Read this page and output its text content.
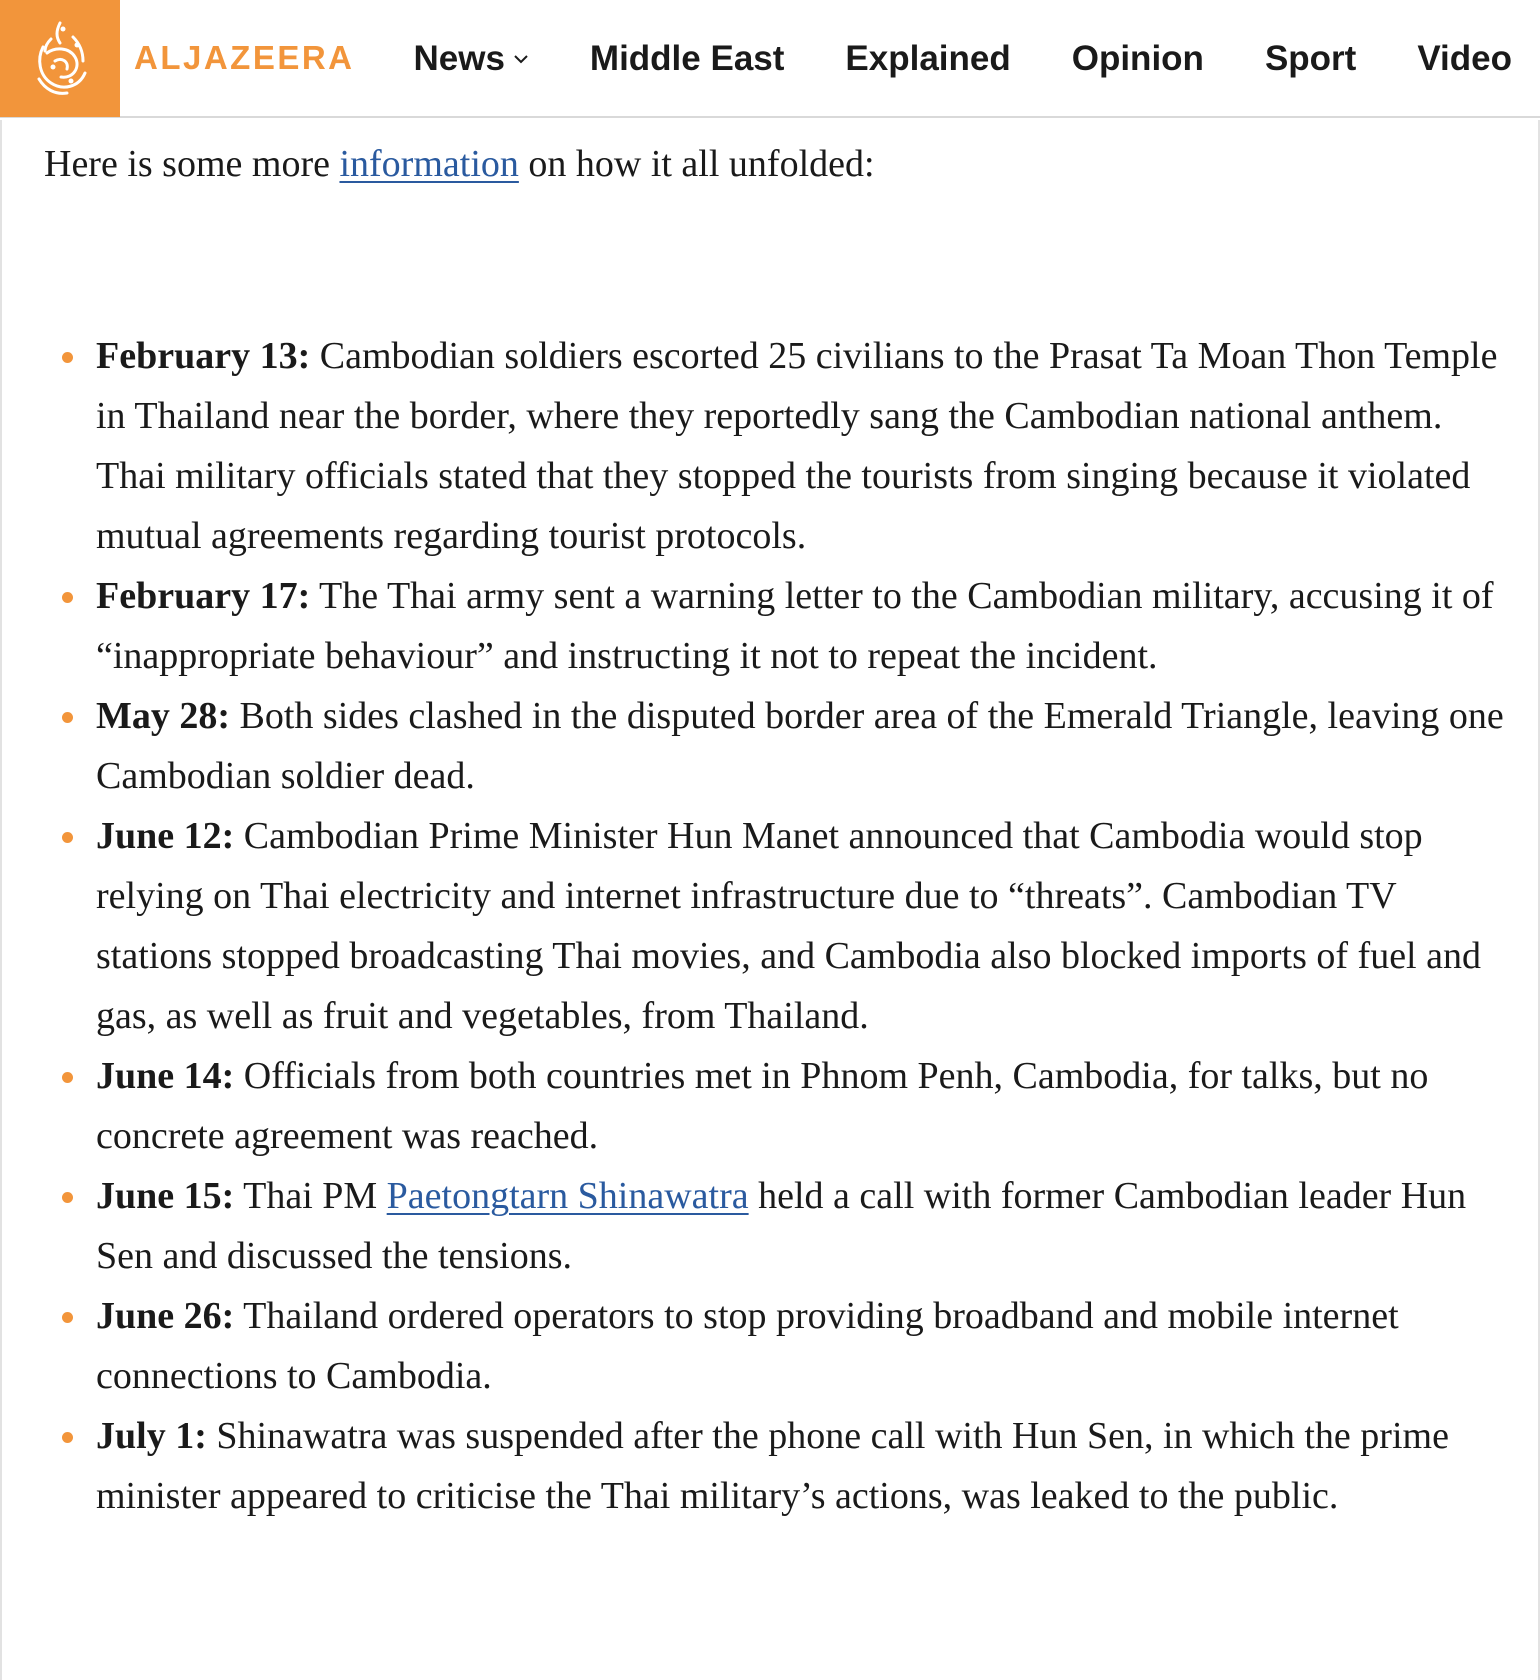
ALJAZEERA News Middle East Explained Opinion Sport Video

Here is some more information on how it all unfolded:

February 13: Cambodian soldiers escorted 25 civilians to the Prasat Ta Moan Thon Temple in Thailand near the border, where they reportedly sang the Cambodian national anthem. Thai military officials stated that they stopped the tourists from singing because it violated mutual agreements regarding tourist protocols.
February 17: The Thai army sent a warning letter to the Cambodian military, accusing it of “inappropriate behaviour” and instructing it not to repeat the incident.
May 28: Both sides clashed in the disputed border area of the Emerald Triangle, leaving one Cambodian soldier dead.
June 12: Cambodian Prime Minister Hun Manet announced that Cambodia would stop relying on Thai electricity and internet infrastructure due to “threats”. Cambodian TV stations stopped broadcasting Thai movies, and Cambodia also blocked imports of fuel and gas, as well as fruit and vegetables, from Thailand.
June 14: Officials from both countries met in Phnom Penh, Cambodia, for talks, but no concrete agreement was reached.
June 15: Thai PM Paetongtarn Shinawatra held a call with former Cambodian leader Hun Sen and discussed the tensions.
June 26: Thailand ordered operators to stop providing broadband and mobile internet connections to Cambodia.
July 1: Shinawatra was suspended after the phone call with Hun Sen, in which the prime minister appeared to criticise the Thai military’s actions, was leaked to the public.
